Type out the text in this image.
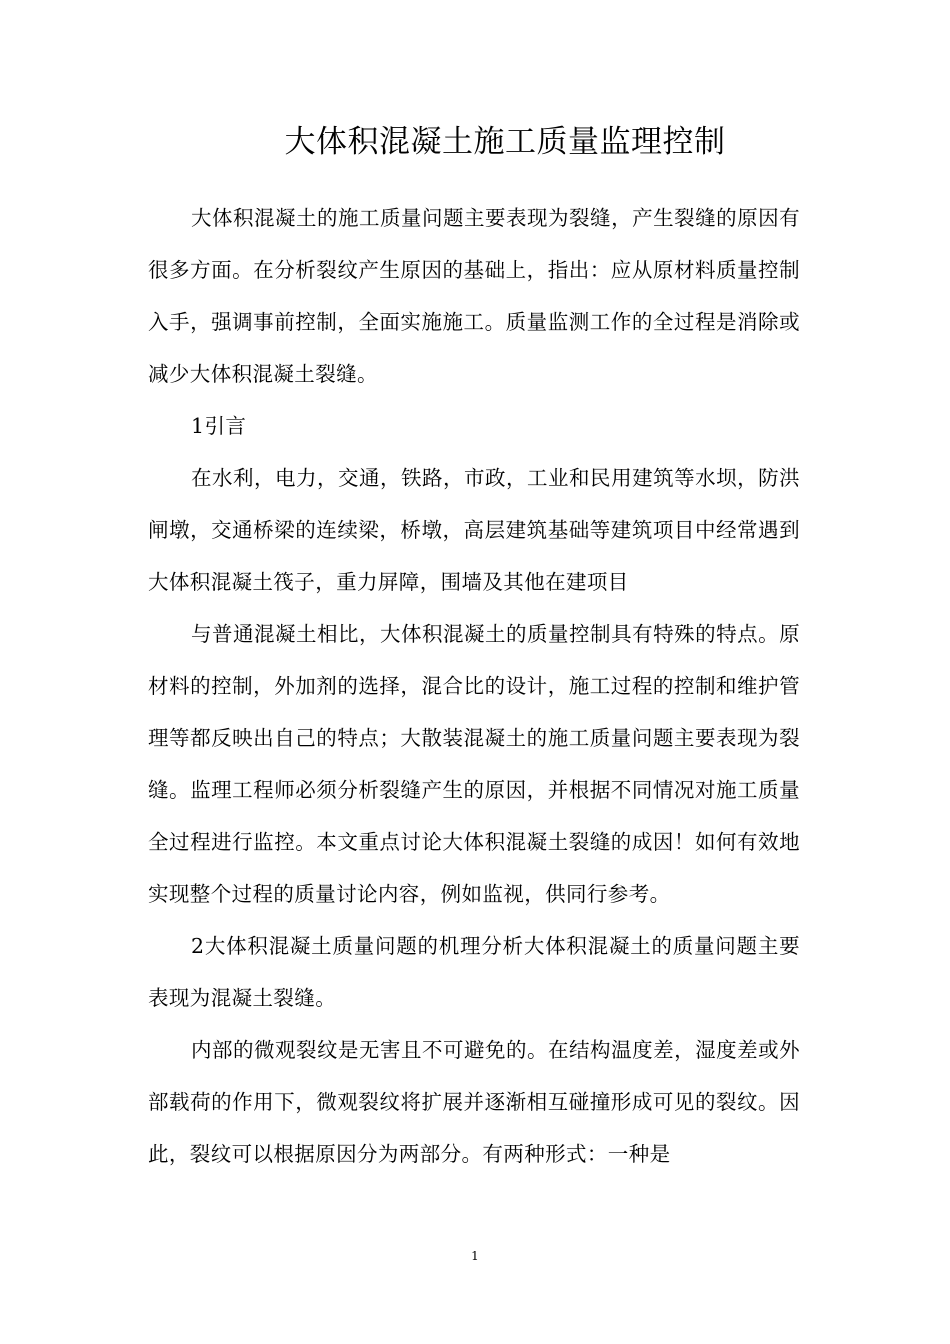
大体积混凝土施工质量监理控制

大体积混凝土的施工质量问题主要表现为裂缝，产生裂缝的原因有很多方面。在分析裂纹产生原因的基础上，指出：应从原材料质量控制入手，强调事前控制，全面实施施工。质量监测工作的全过程是消除或减少大体积混凝土裂缝。

1引言

在水利，电力，交通，铁路，市政，工业和民用建筑等水坝，防洪闸墩，交通桥梁的连续梁，桥墩，高层建筑基础等建筑项目中经常遇到大体积混凝土筏子，重力屏障，围墙及其他在建项目

与普通混凝土相比，大体积混凝土的质量控制具有特殊的特点。原材料的控制，外加剂的选择，混合比的设计，施工过程的控制和维护管理等都反映出自己的特点；大散装混凝土的施工质量问题主要表现为裂缝。监理工程师必须分析裂缝产生的原因，并根据不同情况对施工质量全过程进行监控。本文重点讨论大体积混凝土裂缝的成因！如何有效地实现整个过程的质量讨论内容，例如监视，供同行参考。

2大体积混凝土质量问题的机理分析大体积混凝土的质量问题主要表现为混凝土裂缝。

内部的微观裂纹是无害且不可避免的。在结构温度差，湿度差或外部载荷的作用下，微观裂纹将扩展并逐渐相互碰撞形成可见的裂纹。因此，裂纹可以根据原因分为两部分。有两种形式：一种是

1
